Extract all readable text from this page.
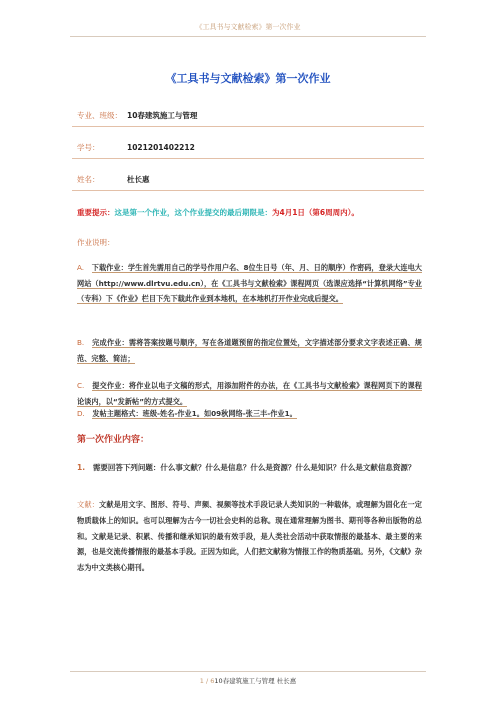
《工具书与文献检索》第一次作业
《工具书与文献检索》第一次作业
专业、班级： 10春建筑施工与管理
学号：	1021201402212
姓名：	杜长惠
重要提示：这是第一个作业，这个作业提交的最后期限是：为4月1日（第6周周内）。
作业说明：
A. 下载作业：学生首先需用自己的学号作用户名、8位生日号（年、月、日的顺序）作密码，登录大连电大网站（http://www.dlrtvu.edu.cn），在《工具书与文献检索》课程网页（选课应选择“计算机网络”专业（专科）下《作业》栏目下先下载此作业到本地机，在本地机打开作业完成后提交。
B. 完成作业：需将答案按题号顺序，写在各道题预留的指定位置处，文字描述部分要求文字表述正确、规范、完整、简洁；
C. 提交作业：将作业以电子文稿的形式，用添加附件的办法，在《工具书与文献检索》课程网页下的课程论谈内，以“发新帖”的方式提交。
D. 发帖主题格式：班级-姓名-作业1。如09秋网络-张三丰-作业1。
第一次作业内容：
1. 需要回答下列问题：什么事文献？什么是信息？什么是资源？什么是知识？什么是文献信息资源？
文献：文献是用文字、图形、符号、声频、视频等技术手段记录人类知识的一种载体，或理解为固化在一定物质载体上的知识。也可以理解为古今一切社会史料的总称。现在通常理解为图书、期刊等各种出版物的总和。文献是记录、积累、传播和继承知识的最有效手段，是人类社会活动中获取情报的最基本、最主要的来源，也是交流传播情报的最基本手段。正因为如此，人们把文献称为情报工作的物质基础。另外，《文献》杂志为中文类核心期刊。
1 / 610春建筑施工与管理 杜长惠
